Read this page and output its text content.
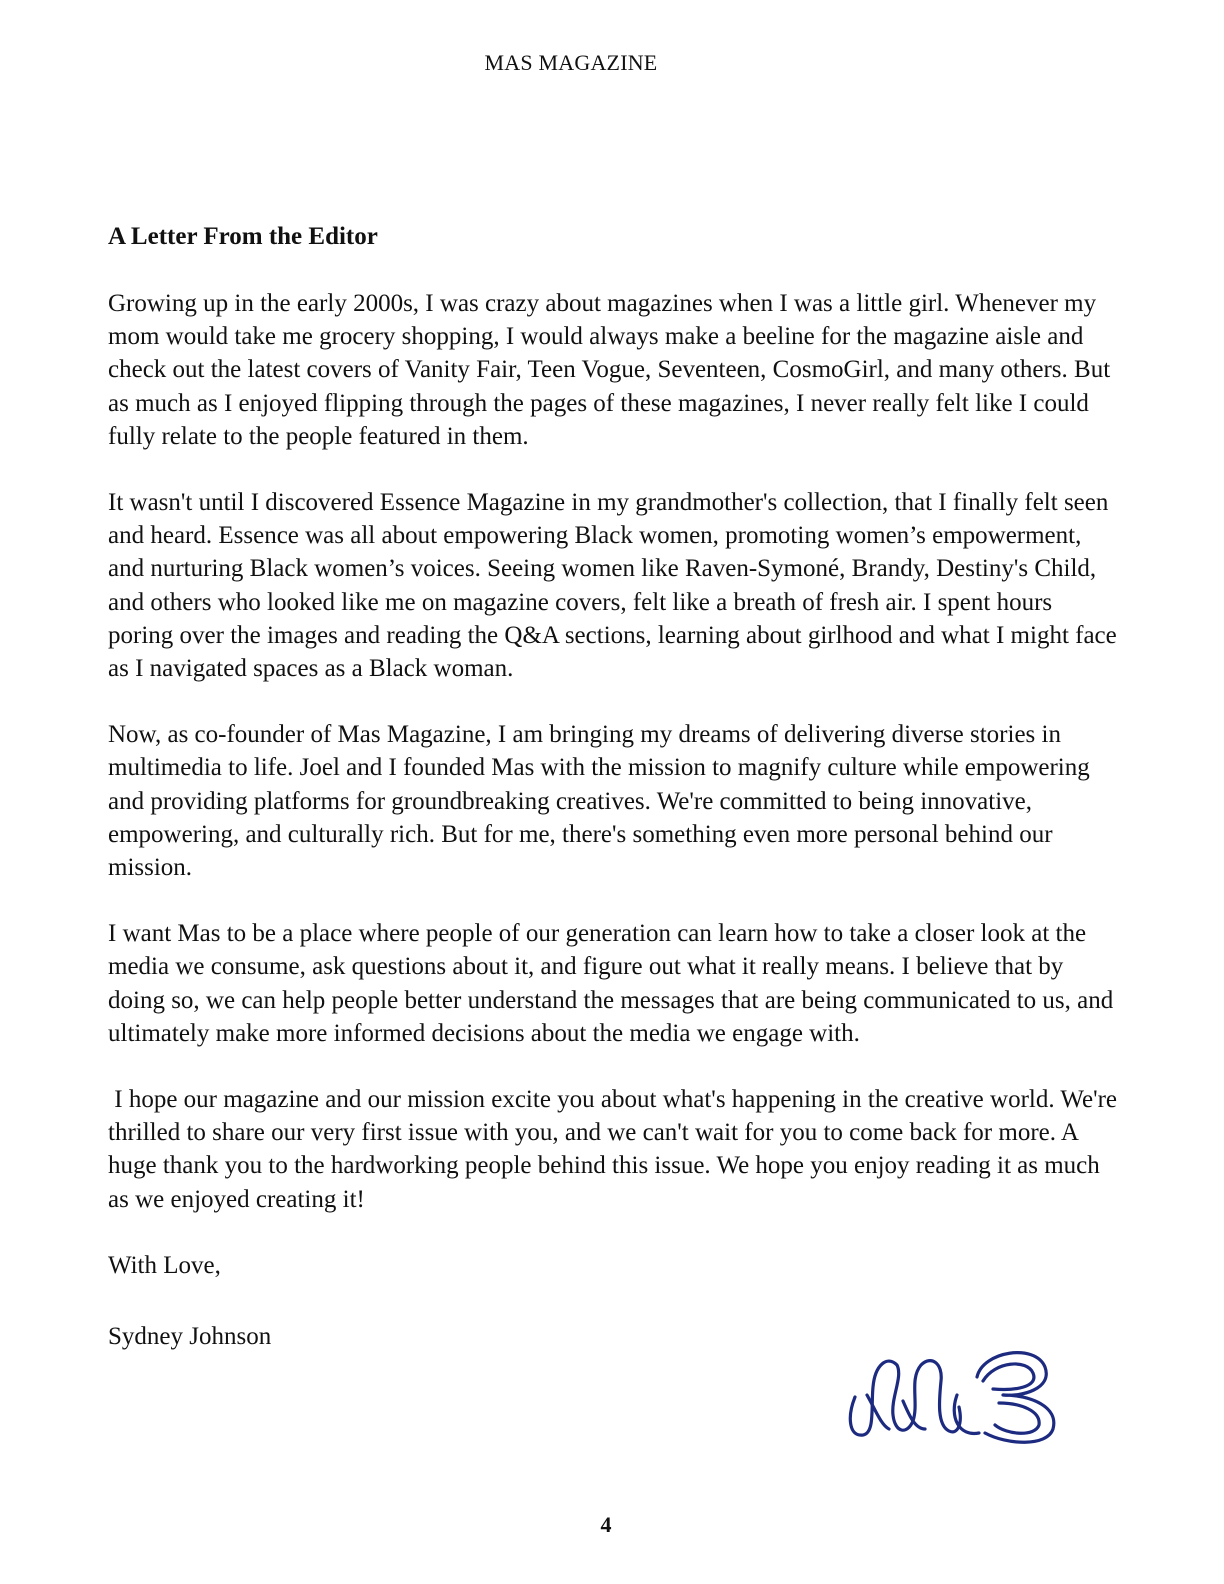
MAS MAGAZINE
A Letter From the Editor

Growing up in the early 2000s, I was crazy about magazines when I was a little girl. Whenever my mom would take me grocery shopping, I would always make a beeline for the magazine aisle and check out the latest covers of Vanity Fair, Teen Vogue, Seventeen, CosmoGirl, and many others. But as much as I enjoyed flipping through the pages of these magazines, I never really felt like I could fully relate to the people featured in them.

It wasn't until I discovered Essence Magazine in my grandmother's collection, that I finally felt seen and heard. Essence was all about empowering Black women, promoting women’s empowerment, and nurturing Black women’s voices. Seeing women like Raven-Symoné, Brandy, Destiny's Child, and others who looked like me on magazine covers, felt like a breath of fresh air. I spent hours poring over the images and reading the Q&A sections, learning about girlhood and what I might face as I navigated spaces as a Black woman.

Now, as co-founder of Mas Magazine, I am bringing my dreams of delivering diverse stories in multimedia to life. Joel and I founded Mas with the mission to magnify culture while empowering and providing platforms for groundbreaking creatives. We're committed to being innovative, empowering, and culturally rich. But for me, there's something even more personal behind our mission.

I want Mas to be a place where people of our generation can learn how to take a closer look at the media we consume, ask questions about it, and figure out what it really means. I believe that by doing so, we can help people better understand the messages that are being communicated to us, and ultimately make more informed decisions about the media we engage with.

I hope our magazine and our mission excite you about what's happening in the creative world. We're thrilled to share our very first issue with you, and we can't wait for you to come back for more. A huge thank you to the hardworking people behind this issue. We hope you enjoy reading it as much as we enjoyed creating it!

With Love,

Sydney Johnson

4
